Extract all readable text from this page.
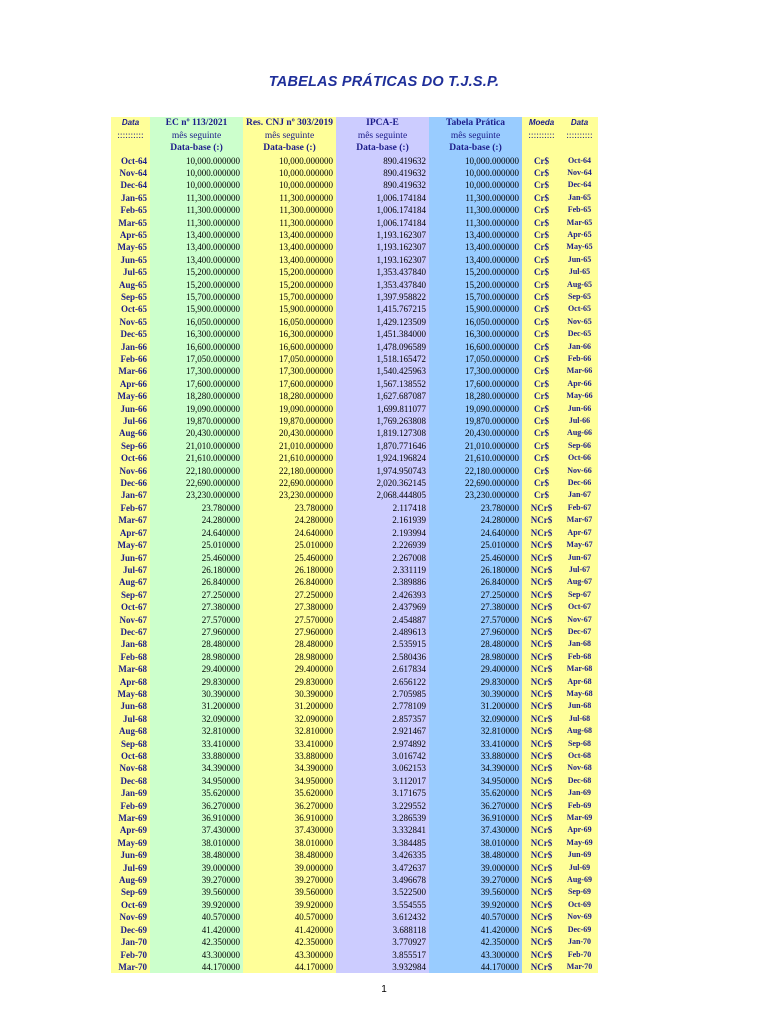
TABELAS PRÁTICAS DO T.J.S.P.
Data	EC nº 113/2021	Res. CNJ nº 303/2019	IPCA-E	Tabela Prática	Moeda	Data
::::::::::	mês seguinte	mês seguinte	mês seguinte	mês seguinte	::::::::::	::::::::::
	Data-base (:)	Data-base (:)	Data-base (:)	Data-base (:)		
Oct-64	10,000.000000	10,000.000000	890.419632	10,000.000000	Cr$	Oct-64
Nov-64	10,000.000000	10,000.000000	890.419632	10,000.000000	Cr$	Nov-64
Dec-64	10,000.000000	10,000.000000	890.419632	10,000.000000	Cr$	Dec-64
Jan-65	11,300.000000	11,300.000000	1,006.174184	11,300.000000	Cr$	Jan-65
Feb-65	11,300.000000	11,300.000000	1,006.174184	11,300.000000	Cr$	Feb-65
Mar-65	11,300.000000	11,300.000000	1,006.174184	11,300.000000	Cr$	Mar-65
Apr-65	13,400.000000	13,400.000000	1,193.162307	13,400.000000	Cr$	Apr-65
May-65	13,400.000000	13,400.000000	1,193.162307	13,400.000000	Cr$	May-65
Jun-65	13,400.000000	13,400.000000	1,193.162307	13,400.000000	Cr$	Jun-65
Jul-65	15,200.000000	15,200.000000	1,353.437840	15,200.000000	Cr$	Jul-65
Aug-65	15,200.000000	15,200.000000	1,353.437840	15,200.000000	Cr$	Aug-65
Sep-65	15,700.000000	15,700.000000	1,397.958822	15,700.000000	Cr$	Sep-65
Oct-65	15,900.000000	15,900.000000	1,415.767215	15,900.000000	Cr$	Oct-65
Nov-65	16,050.000000	16,050.000000	1,429.123509	16,050.000000	Cr$	Nov-65
Dec-65	16,300.000000	16,300.000000	1,451.384000	16,300.000000	Cr$	Dec-65
Jan-66	16,600.000000	16,600.000000	1,478.096589	16,600.000000	Cr$	Jan-66
Feb-66	17,050.000000	17,050.000000	1,518.165472	17,050.000000	Cr$	Feb-66
Mar-66	17,300.000000	17,300.000000	1,540.425963	17,300.000000	Cr$	Mar-66
Apr-66	17,600.000000	17,600.000000	1,567.138552	17,600.000000	Cr$	Apr-66
May-66	18,280.000000	18,280.000000	1,627.687087	18,280.000000	Cr$	May-66
Jun-66	19,090.000000	19,090.000000	1,699.811077	19,090.000000	Cr$	Jun-66
Jul-66	19,870.000000	19,870.000000	1,769.263808	19,870.000000	Cr$	Jul-66
Aug-66	20,430.000000	20,430.000000	1,819.127308	20,430.000000	Cr$	Aug-66
Sep-66	21,010.000000	21,010.000000	1,870.771646	21,010.000000	Cr$	Sep-66
Oct-66	21,610.000000	21,610.000000	1,924.196824	21,610.000000	Cr$	Oct-66
Nov-66	22,180.000000	22,180.000000	1,974.950743	22,180.000000	Cr$	Nov-66
Dec-66	22,690.000000	22,690.000000	2,020.362145	22,690.000000	Cr$	Dec-66
Jan-67	23,230.000000	23,230.000000	2,068.444805	23,230.000000	Cr$	Jan-67
Feb-67	23.780000	23.780000	2.117418	23.780000	NCr$	Feb-67
Mar-67	24.280000	24.280000	2.161939	24.280000	NCr$	Mar-67
Apr-67	24.640000	24.640000	2.193994	24.640000	NCr$	Apr-67
May-67	25.010000	25.010000	2.226939	25.010000	NCr$	May-67
Jun-67	25.460000	25.460000	2.267008	25.460000	NCr$	Jun-67
Jul-67	26.180000	26.180000	2.331119	26.180000	NCr$	Jul-67
Aug-67	26.840000	26.840000	2.389886	26.840000	NCr$	Aug-67
Sep-67	27.250000	27.250000	2.426393	27.250000	NCr$	Sep-67
Oct-67	27.380000	27.380000	2.437969	27.380000	NCr$	Oct-67
Nov-67	27.570000	27.570000	2.454887	27.570000	NCr$	Nov-67
Dec-67	27.960000	27.960000	2.489613	27.960000	NCr$	Dec-67
Jan-68	28.480000	28.480000	2.535915	28.480000	NCr$	Jan-68
Feb-68	28.980000	28.980000	2.580436	28.980000	NCr$	Feb-68
Mar-68	29.400000	29.400000	2.617834	29.400000	NCr$	Mar-68
Apr-68	29.830000	29.830000	2.656122	29.830000	NCr$	Apr-68
May-68	30.390000	30.390000	2.705985	30.390000	NCr$	May-68
Jun-68	31.200000	31.200000	2.778109	31.200000	NCr$	Jun-68
Jul-68	32.090000	32.090000	2.857357	32.090000	NCr$	Jul-68
Aug-68	32.810000	32.810000	2.921467	32.810000	NCr$	Aug-68
Sep-68	33.410000	33.410000	2.974892	33.410000	NCr$	Sep-68
Oct-68	33.880000	33.880000	3.016742	33.880000	NCr$	Oct-68
Nov-68	34.390000	34.390000	3.062153	34.390000	NCr$	Nov-68
Dec-68	34.950000	34.950000	3.112017	34.950000	NCr$	Dec-68
Jan-69	35.620000	35.620000	3.171675	35.620000	NCr$	Jan-69
Feb-69	36.270000	36.270000	3.229552	36.270000	NCr$	Feb-69
Mar-69	36.910000	36.910000	3.286539	36.910000	NCr$	Mar-69
Apr-69	37.430000	37.430000	3.332841	37.430000	NCr$	Apr-69
May-69	38.010000	38.010000	3.384485	38.010000	NCr$	May-69
Jun-69	38.480000	38.480000	3.426335	38.480000	NCr$	Jun-69
Jul-69	39.000000	39.000000	3.472637	39.000000	NCr$	Jul-69
Aug-69	39.270000	39.270000	3.496678	39.270000	NCr$	Aug-69
Sep-69	39.560000	39.560000	3.522500	39.560000	NCr$	Sep-69
Oct-69	39.920000	39.920000	3.554555	39.920000	NCr$	Oct-69
Nov-69	40.570000	40.570000	3.612432	40.570000	NCr$	Nov-69
Dec-69	41.420000	41.420000	3.688118	41.420000	NCr$	Dec-69
Jan-70	42.350000	42.350000	3.770927	42.350000	NCr$	Jan-70
Feb-70	43.300000	43.300000	3.855517	43.300000	NCr$	Feb-70
Mar-70	44.170000	44.170000	3.932984	44.170000	NCr$	Mar-70
1
